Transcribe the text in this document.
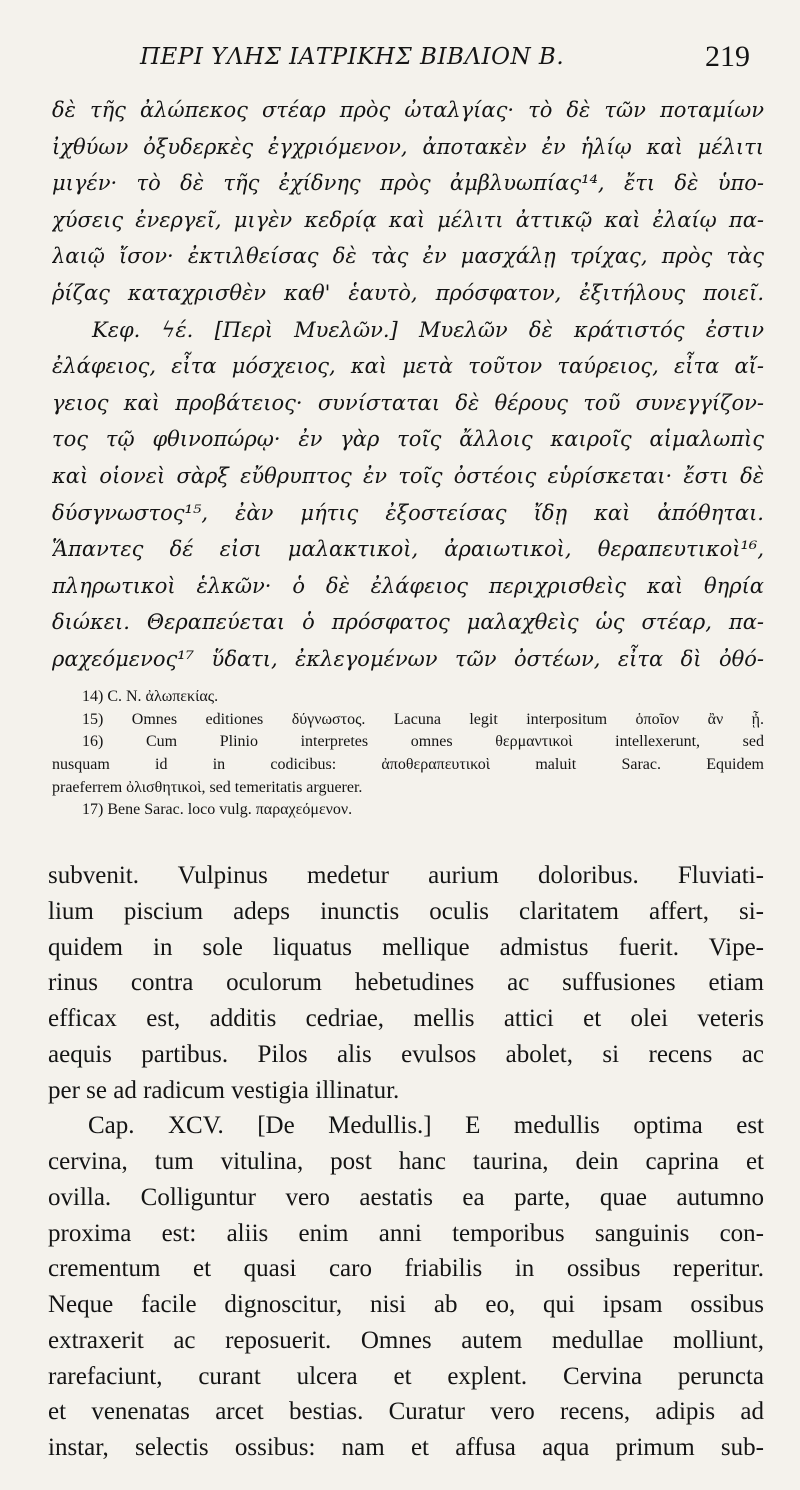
ΠΕΡΙ ΥΛΗΣ ΙΑΤΡΙΚΗΣ ΒΙΒΛΙΟΝ Β.	219
δὲ τῆς ἀλώπεκος στέαρ πρὸς ὠταλγίας· τὸ δὲ τῶν ποταμίων
ἰχθύων ὀξυδερκὲς ἐγχριόμενον, ἀποτακὲν ἐν ἡλίῳ καὶ μέλιτι
μιγέν· τὸ δὲ τῆς ἐχίδνης πρὸς ἀμβλυωπίας¹⁴, ἔτι δὲ ὑπο-
χύσεις ἐνεργεῖ, μιγὲν κεδρίᾳ καὶ μέλιτι ἀττικῷ καὶ ἐλαίῳ πα-
λαιῷ ἴσον· ἐκτιλθείσας δὲ τὰς ἐν μασχάλῃ τρίχας, πρὸς τὰς
ῥίζας καταχρισθὲν καθ' ἑαυτὸ, πρόσφατον, ἐξιτήλους ποιεῖ.
Κεφ. ϟέ. [Περὶ Μυελῶν.] Μυελῶν δὲ κράτιστός ἐστιν
ἐλάφειος, εἶτα μόσχειος, καὶ μετὰ τοῦτον ταύρειος, εἶτα αἴ-
γειος καὶ προβάτειος· συνίσταται δὲ θέρους τοῦ συνεγγίζον-
τος τῷ φθινοπώρῳ· ἐν γὰρ τοῖς ἄλλοις καιροῖς αἱμαλωπὶς
καὶ οἱονεὶ σὰρξ εὔθρυπτος ἐν τοῖς ὀστέοις εὑρίσκεται· ἔστι δὲ
δύσγνωστος¹⁵, ἐὰν μήτις ἐξοστείσας ἴδῃ καὶ ἀπόθηται.
Ἅπαντες δέ εἰσι μαλακτικοὶ, ἀραιωτικοὶ, θεραπευτικοὶ¹⁶,
πληρωτικοὶ ἑλκῶν· ὁ δὲ ἐλάφειος περιχρισθεὶς καὶ θηρία
διώκει. Θεραπεύεται ὁ πρόσφατος μαλαχθεὶς ὡς στέαρ, πα-
ραχεόμενος¹⁷ ὕδατι, ἐκλεγομένων τῶν ὀστέων, εἶτα δὶ ὀθό-
14) C. N. ἀλωπεκίας.
15) Omnes editiones δύγνωστος. Lacuna legit interpositum ὁποῖον ἂν ᾖ.
16) Cum Plinio interpretes omnes θερμαντικοὶ intellexerunt, sed
nusquam id in codicibus: ἀποθεραπευτικοὶ maluit Sarac. Equidem
praeferrem ὀλισθητικοὶ, sed temeritatis arguerer.
17) Bene Sarac. loco vulg. παραχεόμενον.
subvenit. Vulpinus medetur aurium doloribus. Fluviati-
lium piscium adeps inunctis oculis claritatem affert, si-
quidem in sole liquatus mellique admistus fuerit. Vipe-
rinus contra oculorum hebetudines ac suffusiones etiam
efficax est, additis cedriae, mellis attici et olei veteris
aequis partibus. Pilos alis evulsos abolet, si recens ac
per se ad radicum vestigia illinatur.
Cap. XCV. [De Medullis.] E medullis optima est
cervina, tum vitulina, post hanc taurina, dein caprina et
ovilla. Colliguntur vero aestatis ea parte, quae autumno
proxima est: aliis enim anni temporibus sanguinis con-
crementum et quasi caro friabilis in ossibus reperitur.
Neque facile dignoscitur, nisi ab eo, qui ipsam ossibus
extraxerit ac reposuerit. Omnes autem medullae molliunt,
rarefaciunt, curant ulcera et explent. Cervina peruncta
et venenatas arcet bestias. Curatur vero recens, adipis ad
instar, selectis ossibus: nam et affusa aqua primum sub-
